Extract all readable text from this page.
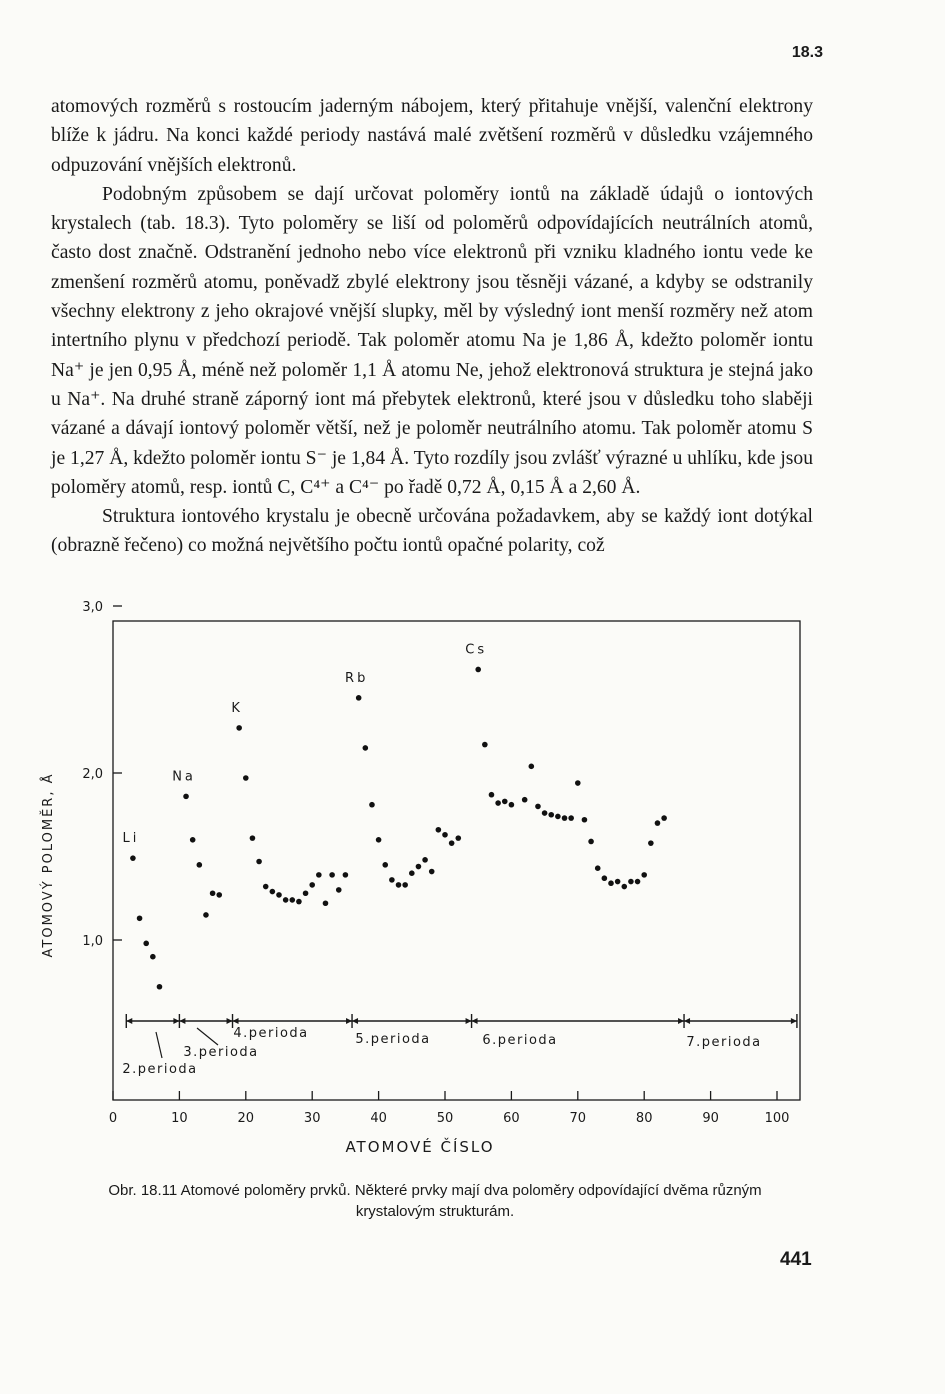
18.3

atomových rozměrů s rostoucím jaderným nábojem, který přitahuje vnější, valenční elektrony blíže k jádru. Na konci každé periody nastává malé zvětšení rozměrů v důsledku vzájemného odpuzování vnějších elektronů.

Podobným způsobem se dají určovat poloměry iontů na základě údajů o iontových krystalech (tab. 18.3). Tyto poloměry se liší od poloměrů odpovídajících neutrálních atomů, často dost značně. Odstranění jednoho nebo více elektronů při vzniku kladného iontu vede ke zmenšení rozměrů atomu, poněvadž zbylé elektrony jsou těsněji vázané, a kdyby se odstranily všechny elektrony z jeho okrajové vnější slupky, měl by výsledný iont menší rozměry než atom intertního plynu v předchozí periodě. Tak poloměr atomu Na je 1,86 Å, kdežto poloměr iontu Na⁺ je jen 0,95 Å, méně než poloměr 1,1 Å atomu Ne, jehož elektronová struktura je stejná jako u Na⁺. Na druhé straně záporný iont má přebytek elektronů, které jsou v důsledku toho slaběji vázané a dávají iontový poloměr větší, než je poloměr neutrálního atomu. Tak poloměr atomu S je 1,27 Å, kdežto poloměr iontu S⁻ je 1,84 Å. Tyto rozdíly jsou zvlášť výrazné u uhlíku, kde jsou poloměry atomů, resp. iontů C, C⁴⁺ a C⁴⁻ po řadě 0,72 Å, 0,15 Å a 2,60 Å.

Struktura iontového krystalu je obecně určována požadavkem, aby se každý iont dotýkal (obrazně řečeno) co možná největšího počtu iontů opačné polarity, což

1,0
2,0
3,0
0	10	20	30	40	50	60	70	80	90	100
Li
Na
K
Rb
Cs
2.perioda
3.perioda
4.perioda	5.perioda	6.perioda	7.perioda
ATOMOVÉ ČÍSLO
ATOMOVÝ POLOMĚR, Å
Obr. 18.11 Atomové poloměry prvků. Některé prvky mají dva poloměry odpovídající dvěma různým
krystalovým strukturám.
441
